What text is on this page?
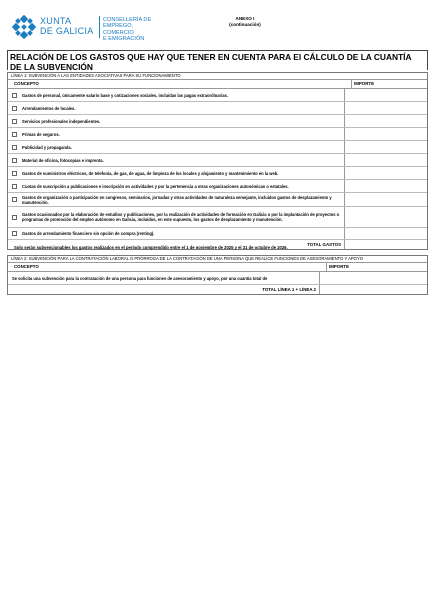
XUNTA
DE GALICIA
CONSELLERÍA DE
EMPREGO, COMERCIO
E EMIGRACIÓN
ANEXO I
(continuación)
RELACIÓN DE LOS GASTOS QUE HAY QUE TENER EN CUENTA PARA El CÁLCULO DE LA CUANTÍA DE LA SUBVENCIÓN
LÍNEA 1: SUBVENCIÓN A LAS ENTIDADES ASOCIATIVAS PARA SU FUNCIONAMIENTO
CONCEPTO	IMPORTE
Gastos de personal, únicamente salario base y cotizaciones sociales, incluidas las pagas extraordinarias.
Arrendamientos de locales.
Servicios profesionales independientes.
Primas de seguros.
Publicidad y propaganda.
Material de oficina, fotocopias e imprenta.
Gastos de suministros eléctricos, de telefonía, de gas, de agua, de limpieza de los locales y alojamiento y mantenimiento en la web.
Cuotas de suscripción a publicaciones e inscripción en actividades y por la pertenencia a otras organizaciones autonómicas o estatales.
Gastos de organización o participación en congresos, seminarios, jornadas y otras actividades de naturaleza semejante, incluidos gastos de desplazamiento y manutención.
Gastos ocasionados por la elaboración de estudios y publicaciones, por la realización de actividades de formación en Galicia o por la implantación de proyectos o programas de promoción del empleo autónomo en Galicia, incluidos, en este supuesto, los gastos de desplazamiento y manutención.
Gastos de arrendamiento financiero sin opción de compra (renting).
TOTAL GASTOS
Solo serán subvencionables los gastos realizados en el período comprendido entre el 1 de noviembre de 2025 y el 31 de octubre de 2026.
LÍNEA 2: SUBVENCIÓN PARA LA CONTRATACIÓN LABORAL O PRÓRROGA DE LA CONTRATACIÓN DE UNA PERSONA QUE REALICE FUNCIONES DE ASESORAMIENTO Y APOYO
CONCEPTO	IMPORTE
Se solicita una subvención para la contratación de una persona para funciones de asesoramiento y apoyo, por una cuantía total de
TOTAL LÍNEA 1 + LÍNEA 2
